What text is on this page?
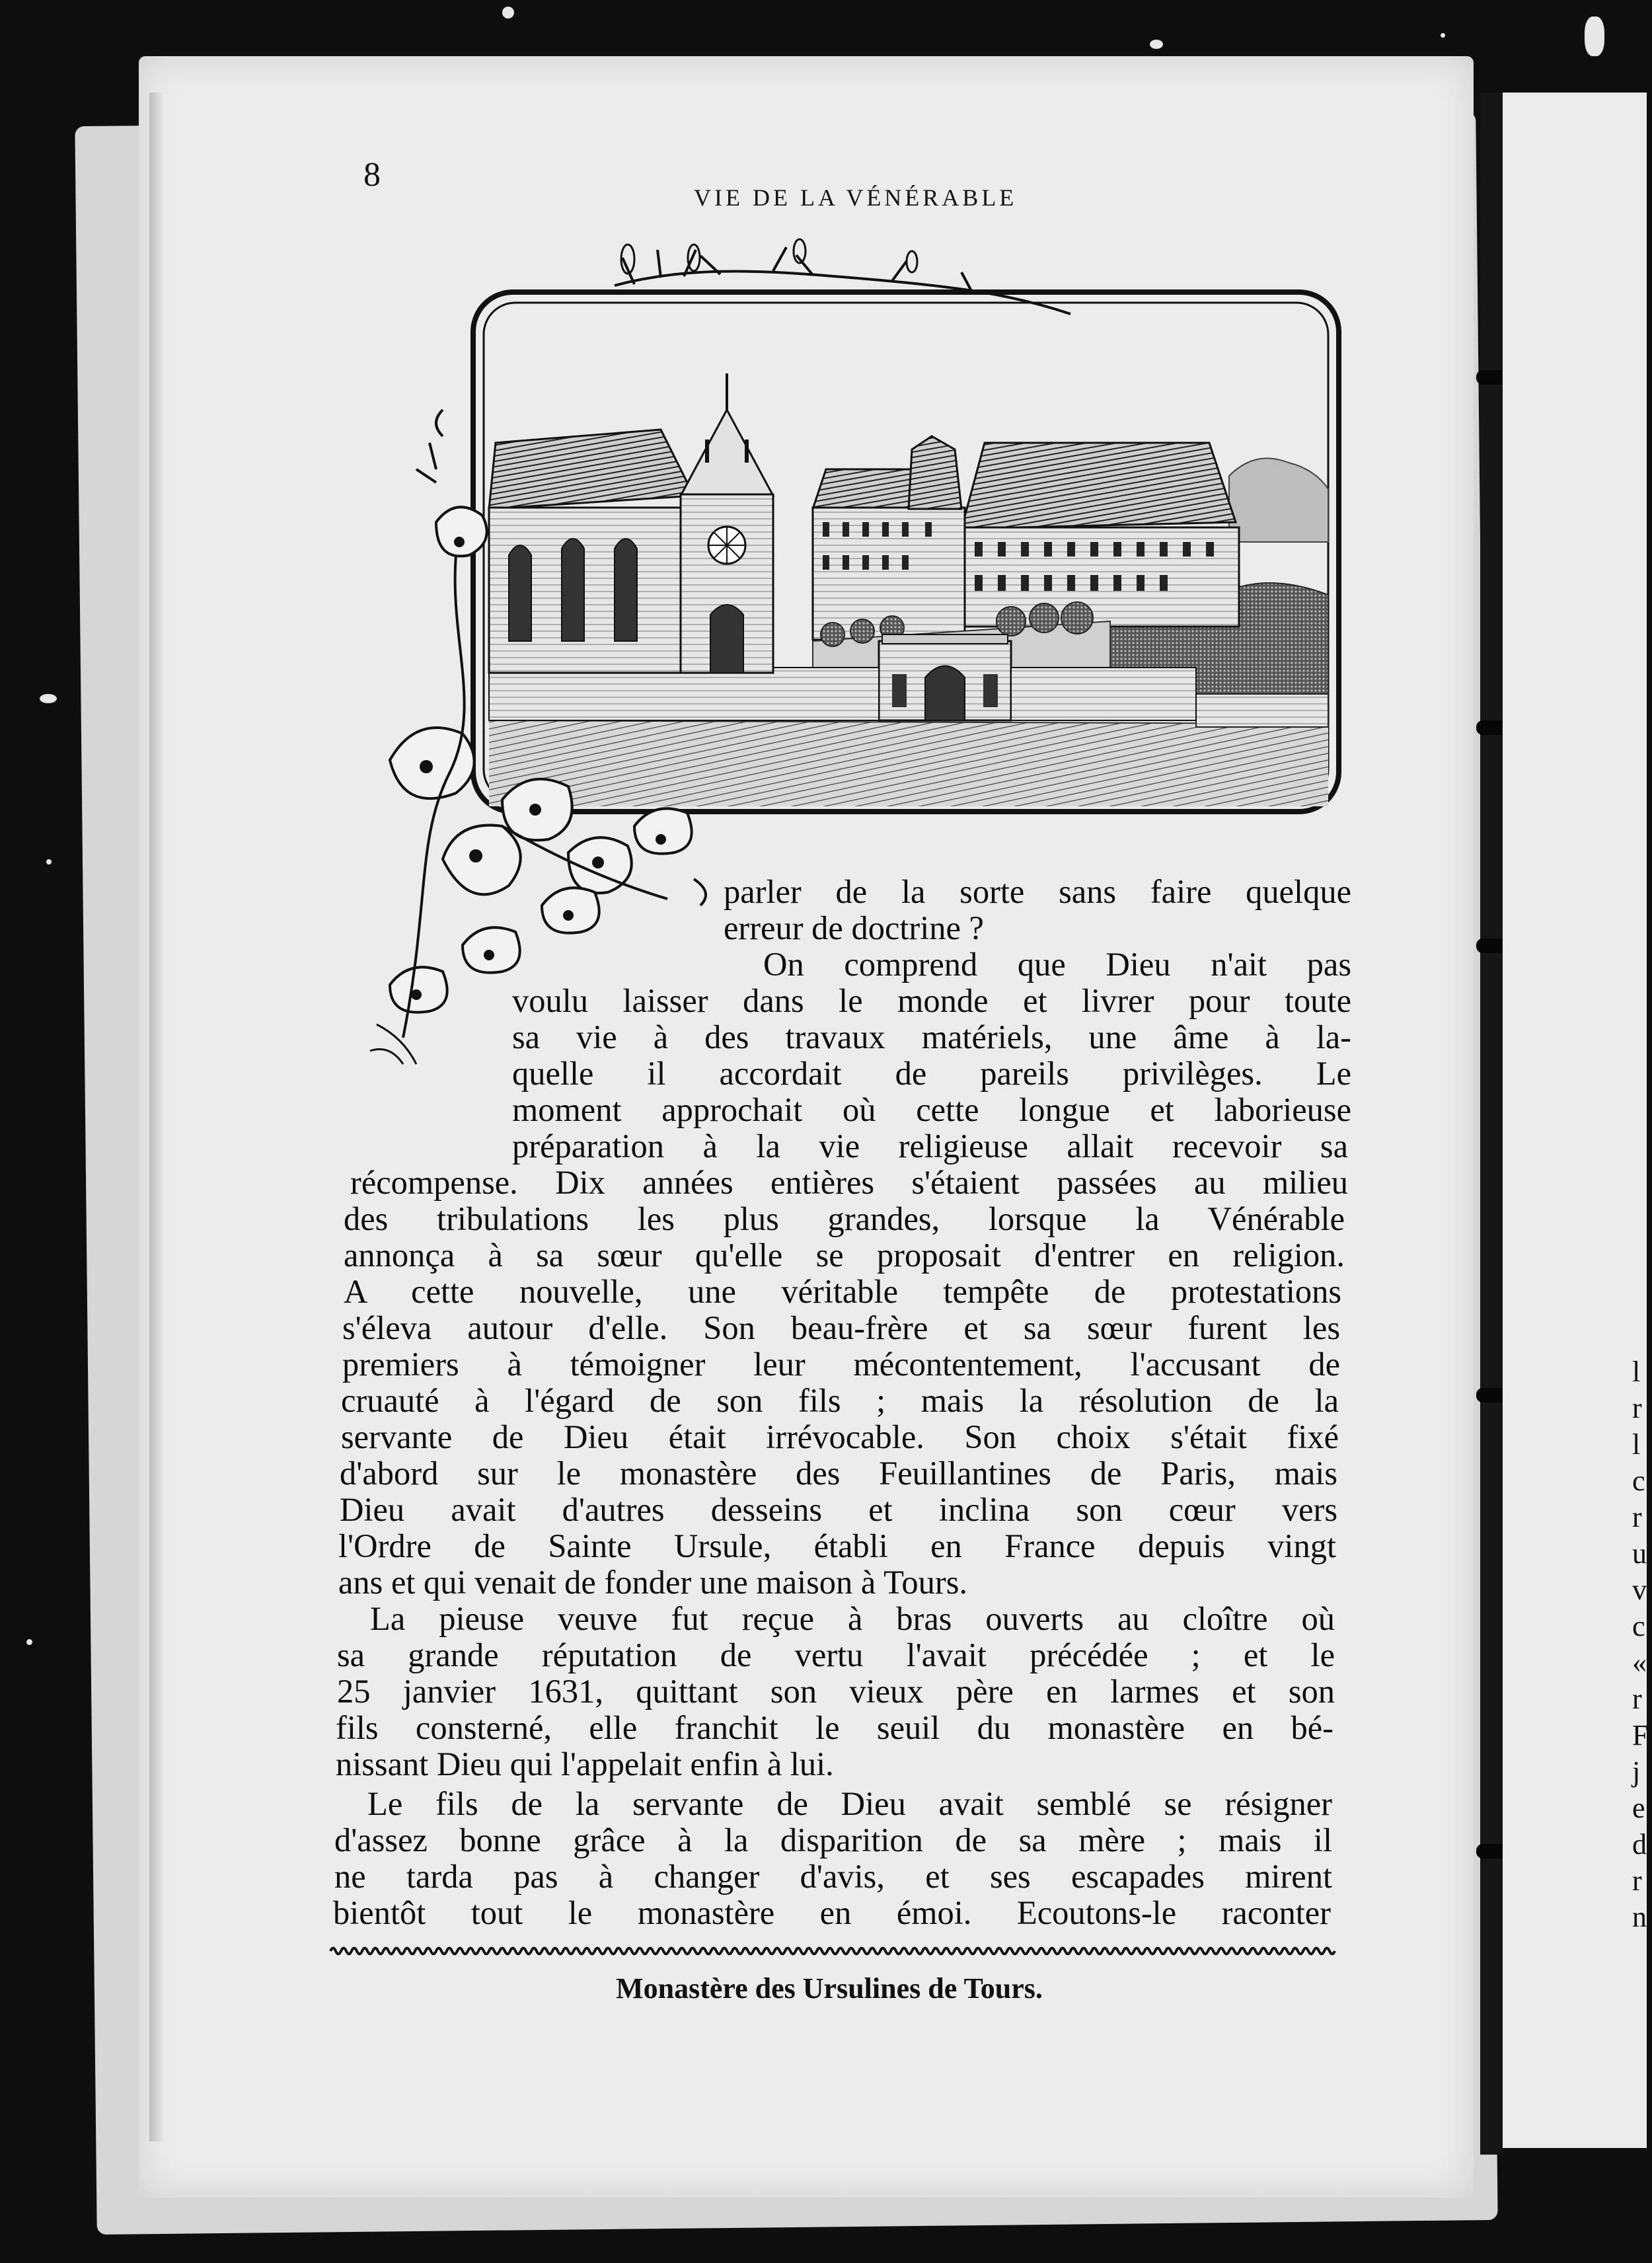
l
r
l
c
r
u
v
c
«
r
F
j
e
d
r
n
8
VIE DE LA VÉNÉRABLE
parler de la sorte sans faire quelque
erreur de doctrine ?
On comprend que Dieu n'ait pas
voulu laisser dans le monde et livrer pour toute
sa vie à des travaux matériels, une âme à la-
quelle il accordait de pareils privilèges. Le
moment approchait où cette longue et laborieuse
préparation à la vie religieuse allait recevoir sa
récompense. Dix années entières s'étaient passées au milieu
des tribulations les plus grandes, lorsque la Vénérable
annonça à sa sœur qu'elle se proposait d'entrer en religion.
A cette nouvelle, une véritable tempête de protestations
s'éleva autour d'elle. Son beau-frère et sa sœur furent les
premiers à témoigner leur mécontentement, l'accusant de
cruauté à l'égard de son fils ; mais la résolution de la
servante de Dieu était irrévocable. Son choix s'était fixé
d'abord sur le monastère des Feuillantines de Paris, mais
Dieu avait d'autres desseins et inclina son cœur vers
l'Ordre de Sainte Ursule, établi en France depuis vingt
ans et qui venait de fonder une maison à Tours.
La pieuse veuve fut reçue à bras ouverts au cloître où
sa grande réputation de vertu l'avait précédée ; et le
25 janvier 1631, quittant son vieux père en larmes et son
fils consterné, elle franchit le seuil du monastère en bé-
nissant Dieu qui l'appelait enfin à lui.
Le fils de la servante de Dieu avait semblé se résigner
d'assez bonne grâce à la disparition de sa mère ; mais il
ne tarda pas à changer d'avis, et ses escapades mirent
bientôt tout le monastère en émoi. Ecoutons-le raconter
Monastère des Ursulines de Tours.
